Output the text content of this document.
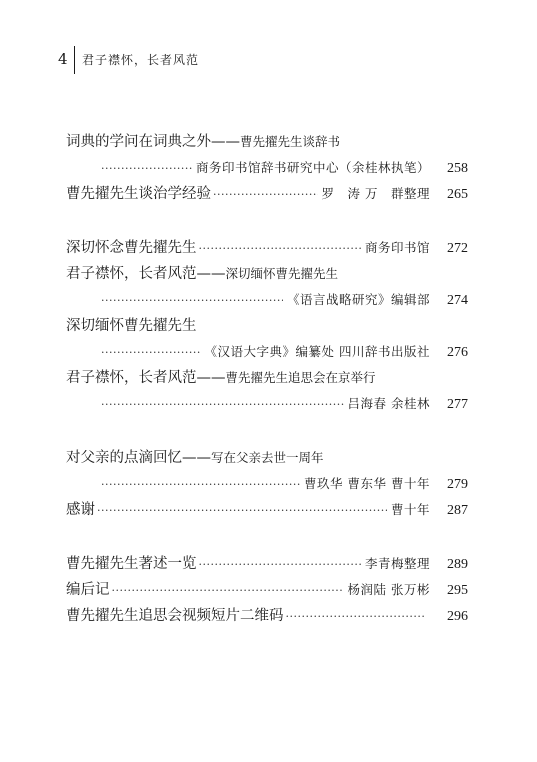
4 君子襟怀，长者风范
词典的学问在词典之外——曹先擢先生谈辞书
·····
商务印书馆辞书研究中心（余桂林执笔）	258
曹先擢先生谈治学经验 ·····	罗　涛 万　群整理	265
深切怀念曹先擢先生 ·····	商务印书馆	272
君子襟怀，长者风范——深切缅怀曹先擢先生
·····
《语言战略研究》编辑部	274
深切缅怀曹先擢先生
·····
《汉语大字典》编纂处 四川辞书出版社	276
君子襟怀，长者风范——曹先擢先生追思会在京举行
·····
吕海春 余桂林	277
对父亲的点滴回忆——写在父亲去世一周年
·····
曹玖华 曹东华 曹十年	279
感谢 ·····	曹十年	287
曹先擢先生著述一览 ·····	李青梅整理	289
编后记 ·····	杨润陆 张万彬	295
曹先擢先生追思会视频短片二维码 ·····	296
